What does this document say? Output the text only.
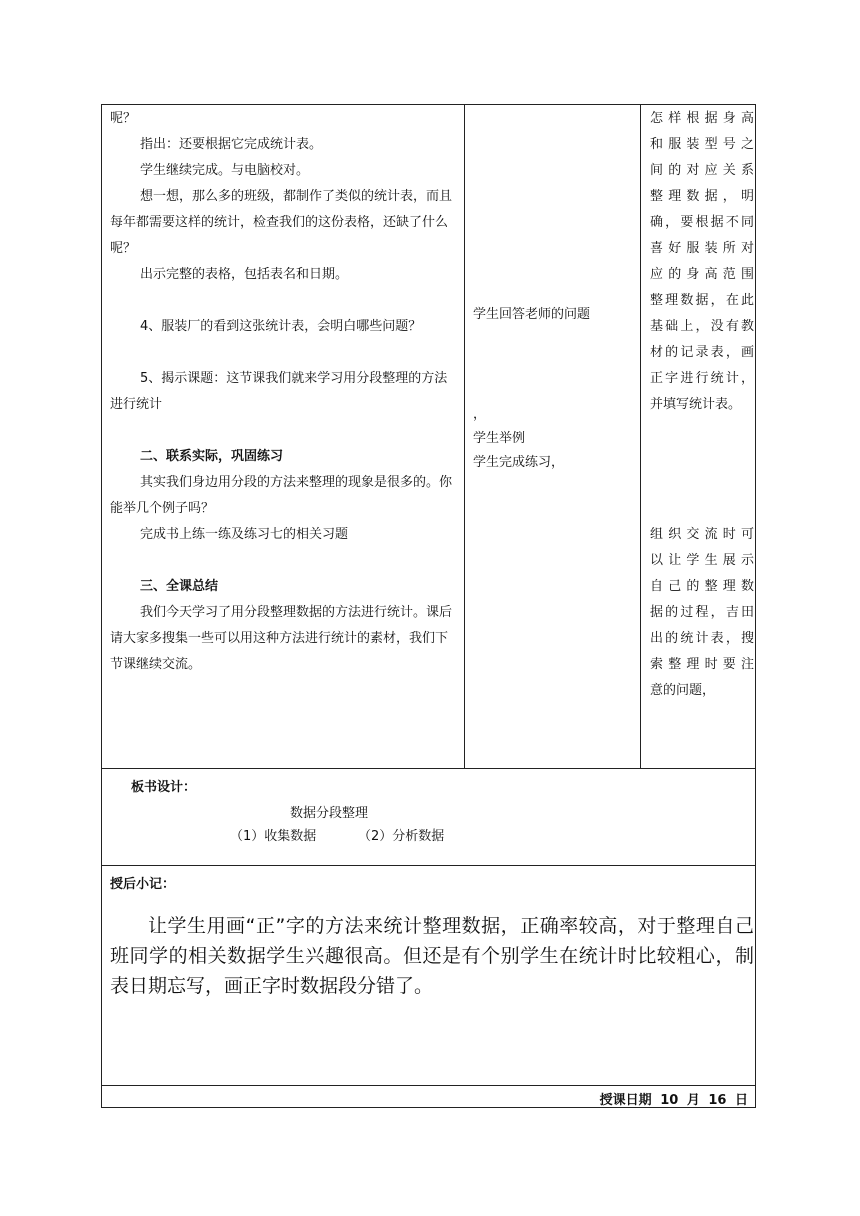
呢？

指出：还要根据它完成统计表。

学生继续完成。与电脑校对。

想一想，那么多的班级，都制作了类似的统计表，而且每年都需要这样的统计，检查我们的这份表格，还缺了什么呢？

出示完整的表格，包括表名和日期。

4、服装厂的看到这张统计表，会明白哪些问题？

5、揭示课题：这节课我们就来学习用分段整理的方法进行统计

二、联系实际，巩固练习

其实我们身边用分段的方法来整理的现象是很多的。你能举几个例子吗？

完成书上练一练及练习七的相关习题

三、全课总结

我们今天学习了用分段整理数据的方法进行统计。课后请大家多搜集一些可以用这种方法进行统计的素材，我们下节课继续交流。

学生回答老师的问题
，
学生举例
学生完成练习，

怎样根据身高

和服装型号之

间的对应关系

整理数据，明

确，要根据不同

喜好服装所对

应的身高范围

整理数据，在此

基础上，没有教

材的记录表，画

正字进行统计，

并填写统计表。

组织交流时可

以让学生展示

自己的整理数

据的过程，吉田

出的统计表，搜

索整理时要注

意的问题，

板书设计：
数据分段整理
（1）收集数据	（2）分析数据
授后小记：

让学生用画“正”字的方法来统计整理数据，正确率较高，对于整理自己班同学的相关数据学生兴趣很高。但还是有个别学生在统计时比较粗心，制表日期忘写，画正字时数据段分错了。

授课日期 10 月 16 日
